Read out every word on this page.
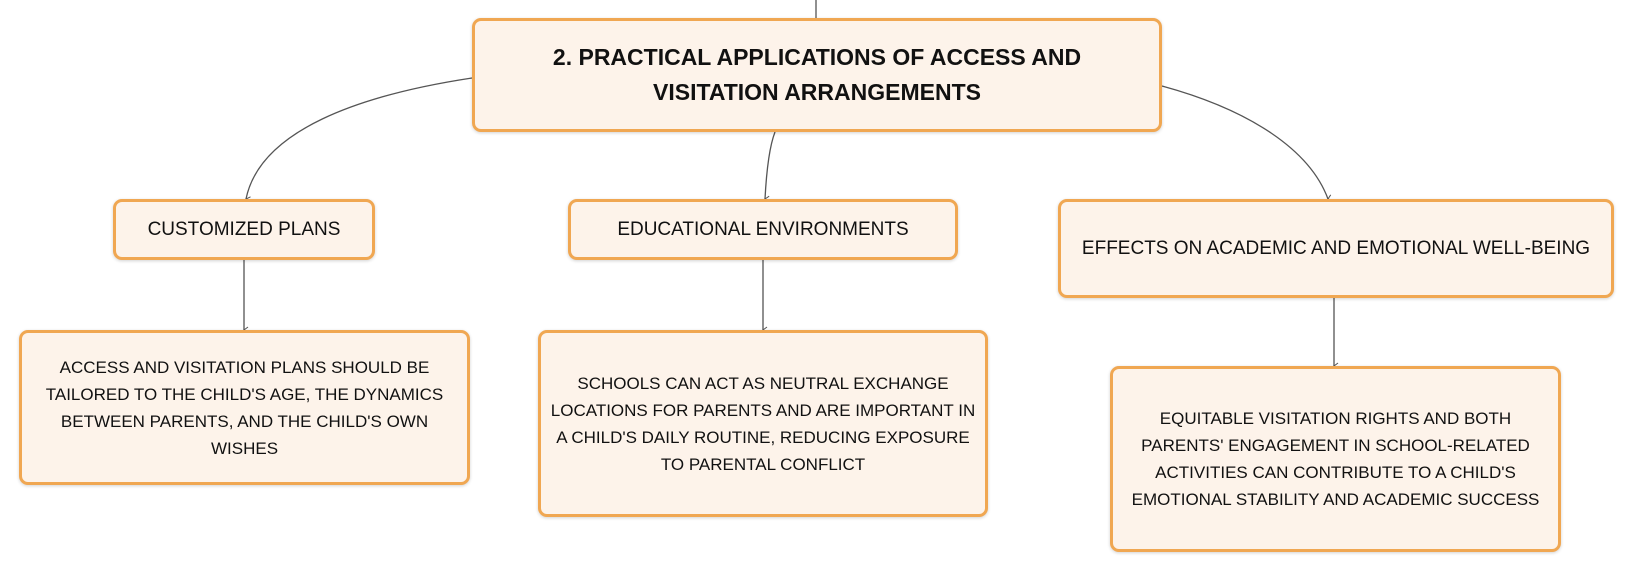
2. PRACTICAL APPLICATIONS OF ACCESS AND VISITATION ARRANGEMENTS
CUSTOMIZED PLANS	EDUCATIONAL ENVIRONMENTS
EFFECTS ON ACADEMIC AND EMOTIONAL WELL-BEING
ACCESS AND VISITATION PLANS SHOULD BE TAILORED TO THE CHILD'S AGE, THE DYNAMICS BETWEEN PARENTS, AND THE CHILD'S OWN WISHES
SCHOOLS CAN ACT AS NEUTRAL EXCHANGE LOCATIONS FOR PARENTS AND ARE IMPORTANT IN A CHILD'S DAILY ROUTINE, REDUCING EXPOSURE TO PARENTAL CONFLICT
EQUITABLE VISITATION RIGHTS AND BOTH PARENTS' ENGAGEMENT IN SCHOOL-RELATED ACTIVITIES CAN CONTRIBUTE TO A CHILD'S EMOTIONAL STABILITY AND ACADEMIC SUCCESS
